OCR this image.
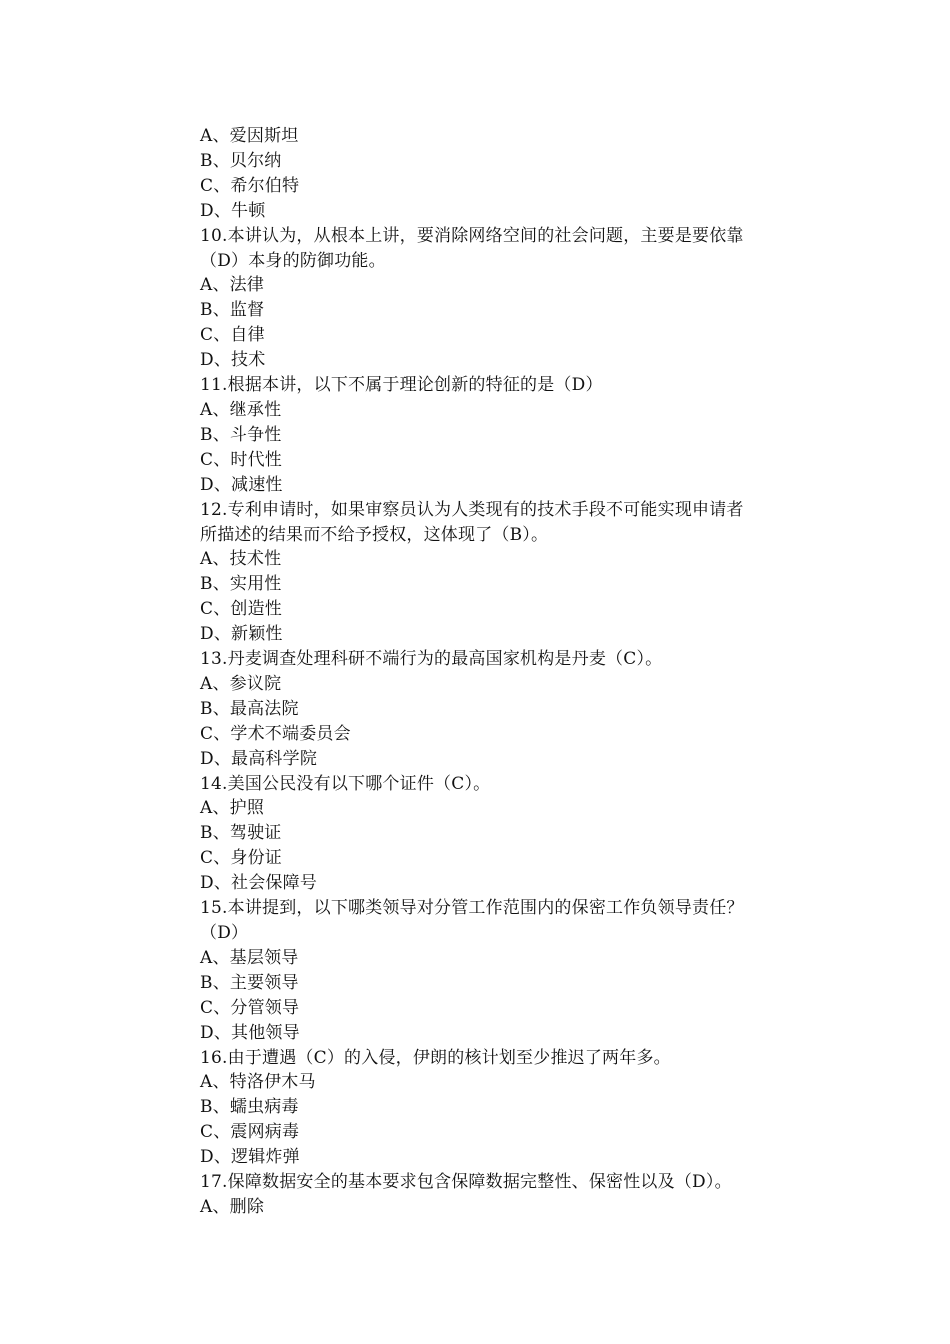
A、爱因斯坦
B、贝尔纳
C、希尔伯特
D、牛顿
10.本讲认为，从根本上讲，要消除网络空间的社会问题，主要是要依靠
（D）本身的防御功能。
A、法律
B、监督
C、自律
D、技术
11.根据本讲，以下不属于理论创新的特征的是（D）
A、继承性
B、斗争性
C、时代性
D、减速性
12.专利申请时，如果审察员认为人类现有的技术手段不可能实现申请者
所描述的结果而不给予授权，这体现了（B）。
A、技术性
B、实用性
C、创造性
D、新颖性
13.丹麦调查处理科研不端行为的最高国家机构是丹麦（C）。
A、参议院
B、最高法院
C、学术不端委员会
D、最高科学院
14.美国公民没有以下哪个证件（C）。
A、护照
B、驾驶证
C、身份证
D、社会保障号
15.本讲提到，以下哪类领导对分管工作范围内的保密工作负领导责任？
（D）
A、基层领导
B、主要领导
C、分管领导
D、其他领导
16.由于遭遇（C）的入侵，伊朗的核计划至少推迟了两年多。
A、特洛伊木马
B、蠕虫病毒
C、震网病毒
D、逻辑炸弹
17.保障数据安全的基本要求包含保障数据完整性、保密性以及（D）。
A、删除
